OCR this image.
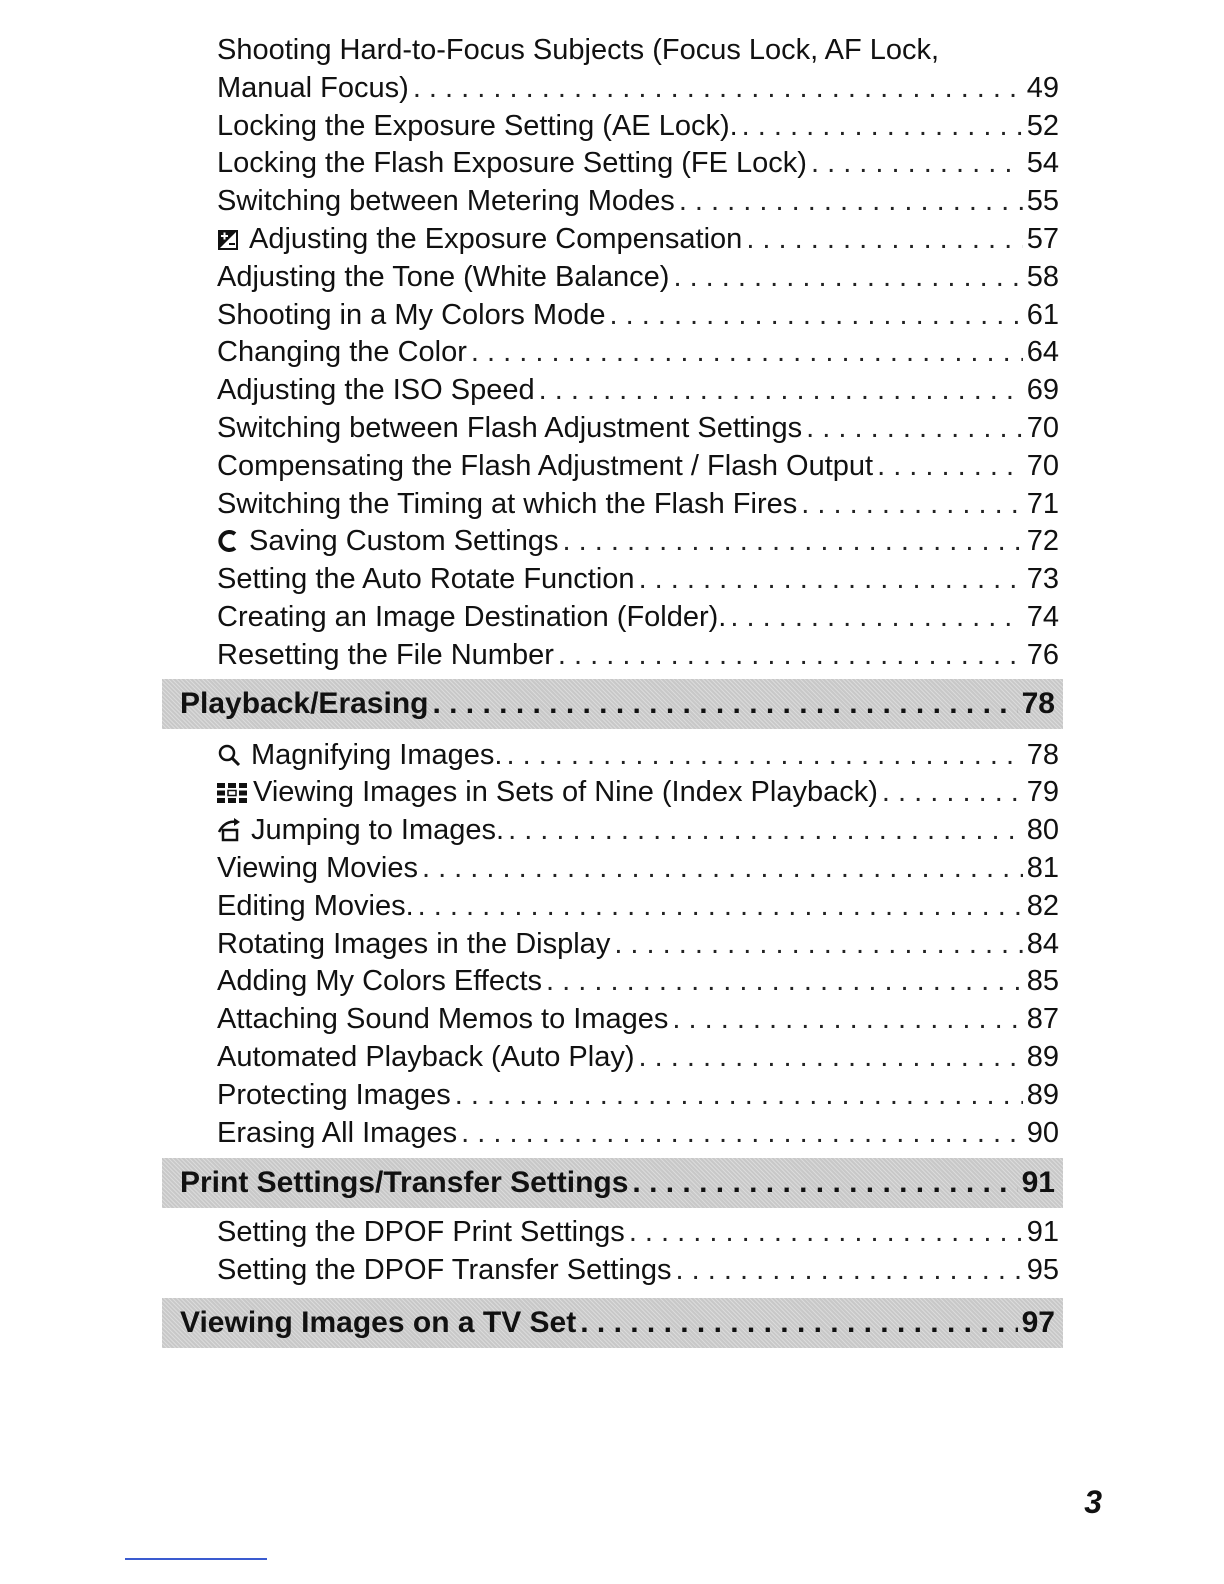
Shooting Hard-to-Focus Subjects (Focus Lock, AF Lock,
Manual Focus) . . .	49
Locking the Exposure Setting (AE Lock). . . .	52
Locking the Flash Exposure Setting (FE Lock) . . .	54
Switching between Metering Modes . . .	55
Adjusting the Exposure Compensation . . .	57
Adjusting the Tone (White Balance) . . .	58
Shooting in a My Colors Mode . . .	61
Changing the Color . . .	64
Adjusting the ISO Speed . . .	69
Switching between Flash Adjustment Settings . . .	70
Compensating the Flash Adjustment / Flash Output . . .	70
Switching the Timing at which the Flash Fires . . .	71
Saving Custom Settings . . .	72
Setting the Auto Rotate Function . . .	73
Creating an Image Destination (Folder). . . .	74
Resetting the File Number . . .	76
Playback/Erasing . . .	78
Magnifying Images. . . .	78
Viewing Images in Sets of Nine (Index Playback) . . .	79
Jumping to Images. . . .	80
Viewing Movies . . .	81
Editing Movies. . . .	82
Rotating Images in the Display . . .	84
Adding My Colors Effects . . .	85
Attaching Sound Memos to Images . . .	87
Automated Playback (Auto Play) . . .	89
Protecting Images . . .	89
Erasing All Images . . .	90
Print Settings/Transfer Settings . . .	91
Setting the DPOF Print Settings . . .	91
Setting the DPOF Transfer Settings . . .	95
Viewing Images on a TV Set . . .	97
3
